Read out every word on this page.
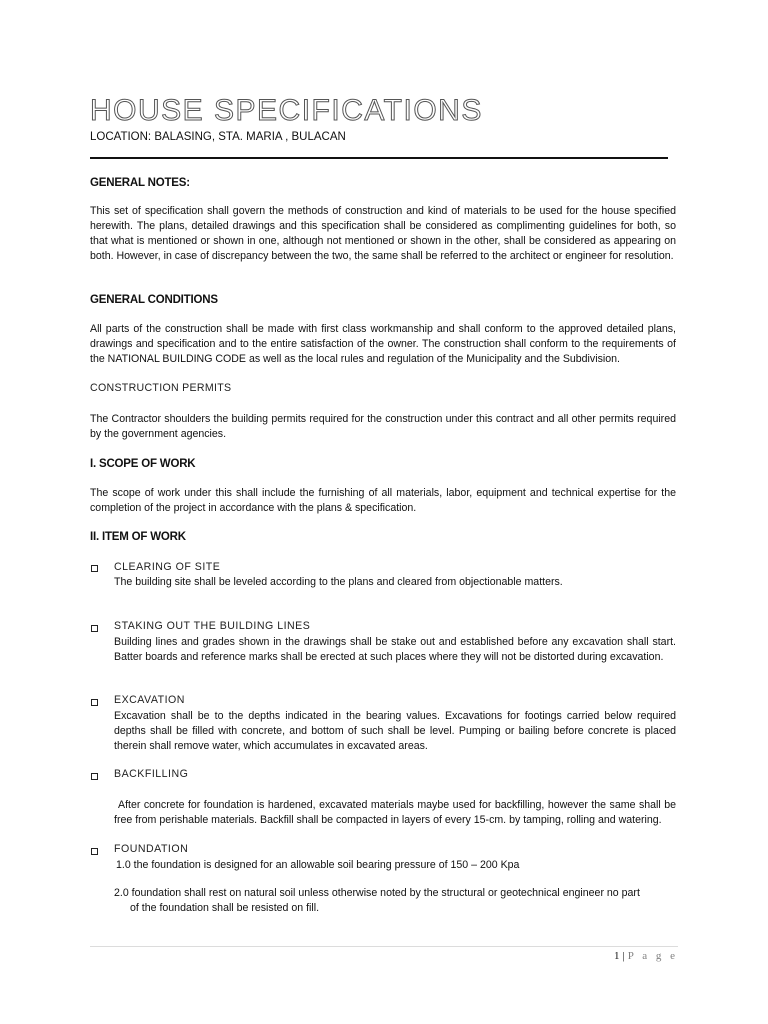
HOUSE SPECIFICATIONS
LOCATION: BALASING, STA. MARIA , BULACAN
GENERAL NOTES:
This set of specification shall govern the methods of construction and kind of materials to be used for the house specified herewith. The plans, detailed drawings and this specification shall be considered as complimenting guidelines for both, so that what is mentioned or shown in one, although not mentioned or shown in the other, shall be considered as appearing on both. However, in case of discrepancy between the two, the same shall be referred to the architect or engineer for resolution.
GENERAL CONDITIONS
All parts of the construction shall be made with first class workmanship and shall conform to the approved detailed plans, drawings and specification and to the entire satisfaction of the owner. The construction shall conform to the requirements of the NATIONAL BUILDING CODE as well as the local rules and regulation of the Municipality and the Subdivision.
CONSTRUCTION PERMITS
The Contractor shoulders the building permits required for the construction under this contract and all other permits required by the government agencies.
I. SCOPE OF WORK
The scope of work under this shall include the furnishing of all materials, labor, equipment and technical expertise for the completion of the project in accordance with the plans & specification.
II. ITEM OF WORK
CLEARING OF SITE
The building site shall be leveled according to the plans and cleared from objectionable matters.
STAKING OUT THE BUILDING LINES
Building lines and grades shown in the drawings shall be stake out and established before any excavation shall start. Batter boards and reference marks shall be erected at such places where they will not be distorted during excavation.
EXCAVATION
Excavation shall be to the depths indicated in the bearing values. Excavations for footings carried below required depths shall be filled with concrete, and bottom of such shall be level. Pumping or bailing before concrete is placed therein shall remove water, which accumulates in excavated areas.
BACKFILLING
After concrete for foundation is hardened, excavated materials maybe used for backfilling, however the same shall be free from perishable materials. Backfill shall be compacted in layers of every 15-cm. by tamping, rolling and watering.
FOUNDATION
1.0 the foundation is designed for an allowable soil bearing pressure of 150 – 200 Kpa
2.0 foundation shall rest on natural soil unless otherwise noted by the structural or geotechnical engineer no part
of the foundation shall be resisted on fill.
1 | P a g e
